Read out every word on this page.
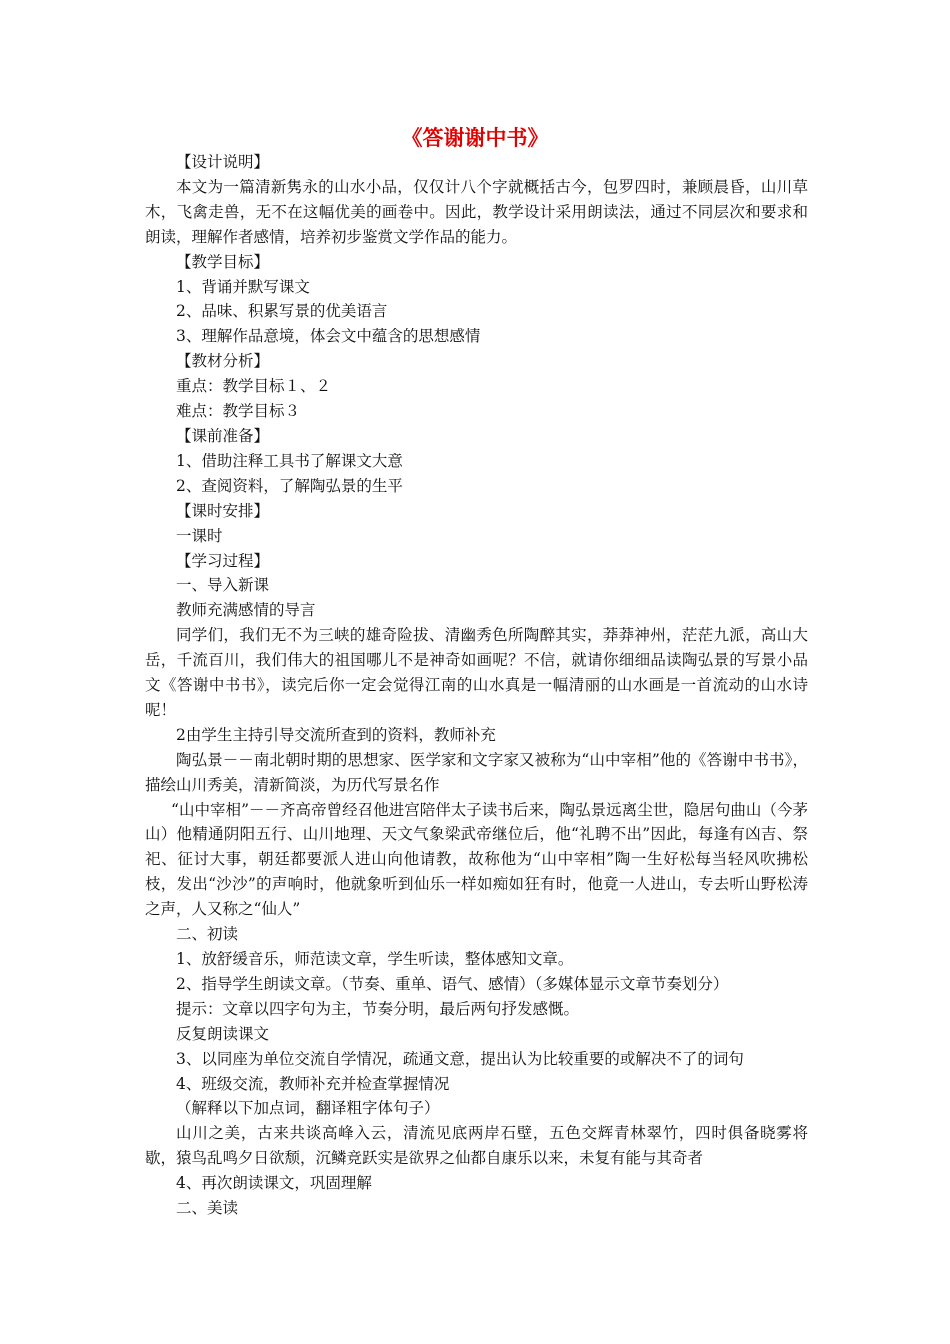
《答谢谢中书》
【设计说明】
本文为一篇清新隽永的山水小品，仅仅计八个字就概括古今，包罗四时，兼顾晨昏，山川草木，飞禽走兽，无不在这幅优美的画卷中。因此，教学设计采用朗读法，通过不同层次和要求和朗读，理解作者感情，培养初步鉴赏文学作品的能力。
【教学目标】
1、背诵并默写课文
2、品味、积累写景的优美语言
3、理解作品意境，体会文中蕴含的思想感情
【教材分析】
重点：教学目标１、２
难点：教学目标３
【课前准备】
1、借助注释工具书了解课文大意
2、查阅资料，了解陶弘景的生平
【课时安排】
一课时
【学习过程】
一、导入新课
教师充满感情的导言
同学们，我们无不为三峡的雄奇险拔、清幽秀色所陶醉其实，莽莽神州，茫茫九派，高山大岳，千流百川，我们伟大的祖国哪儿不是神奇如画呢？不信，就请你细细品读陶弘景的写景小品文《答谢中书书》，读完后你一定会觉得江南的山水真是一幅清丽的山水画是一首流动的山水诗呢！
2由学生主持引导交流所查到的资料，教师补充
陶弘景－－南北朝时期的思想家、医学家和文字家又被称为“山中宰相”他的《答谢中书书》，描绘山川秀美，清新简淡，为历代写景名作
“山中宰相”－－齐高帝曾经召他进宫陪伴太子读书后来，陶弘景远离尘世，隐居句曲山（今茅山）他精通阴阳五行、山川地理、天文气象梁武帝继位后，他“礼聘不出”因此，每逢有凶吉、祭祀、征讨大事，朝廷都要派人进山向他请教，故称他为“山中宰相”陶一生好松每当轻风吹拂松枝，发出“沙沙”的声响时，他就象听到仙乐一样如痴如狂有时，他竟一人进山，专去听山野松涛之声，人又称之“仙人”
二、初读
1、放舒缓音乐，师范读文章，学生听读，整体感知文章。
2、指导学生朗读文章。（节奏、重单、语气、感情）（多媒体显示文章节奏划分）
提示：文章以四字句为主，节奏分明，最后两句抒发感慨。
反复朗读课文
3、以同座为单位交流自学情况，疏通文意，提出认为比较重要的或解决不了的词句
4、班级交流，教师补充并检查掌握情况
（解释以下加点词，翻译粗字体句子）
山川之美，古来共谈高峰入云，清流见底两岸石壁，五色交辉青林翠竹，四时俱备晓雾将歇，猿鸟乱鸣夕日欲颓，沉鳞竞跃实是欲界之仙都自康乐以来，未复有能与其奇者
4、再次朗读课文，巩固理解
二、美读
